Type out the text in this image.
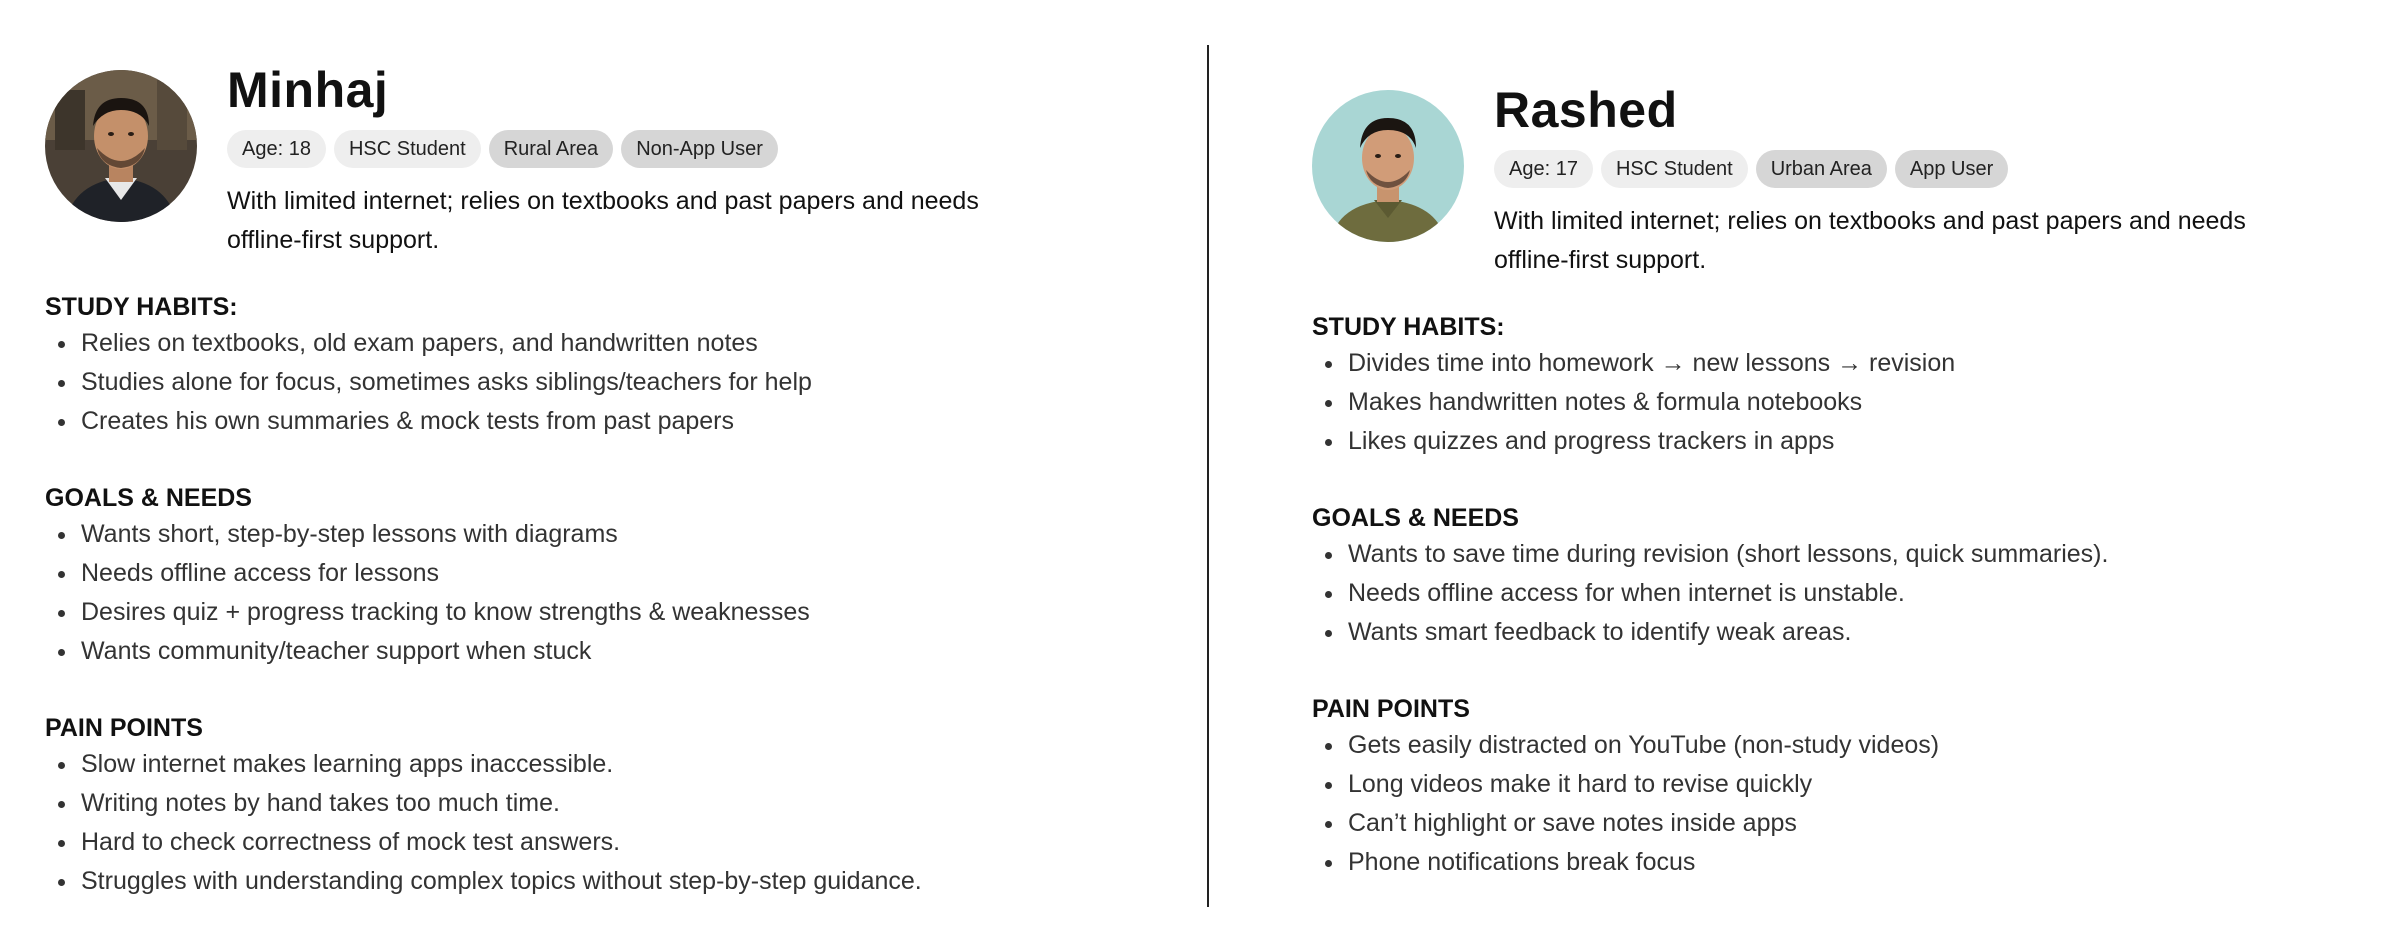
Minhaj
Age: 18	HSC Student	Rural Area	Non-App User
With limited internet; relies on textbooks and past papers and needs offline-first support.
STUDY HABITS:
Relies on textbooks, old exam papers, and handwritten notes
Studies alone for focus, sometimes asks siblings/teachers for help
Creates his own summaries & mock tests from past papers
GOALS & NEEDS
Wants short, step-by-step lessons with diagrams
Needs offline access for lessons
Desires quiz + progress tracking to know strengths & weaknesses
Wants community/teacher support when stuck
PAIN POINTS
Slow internet makes learning apps inaccessible.
Writing notes by hand takes too much time.
Hard to check correctness of mock test answers.
Struggles with understanding complex topics without step-by-step guidance.
Rashed
Age: 17	HSC Student	Urban Area	App User
With limited internet; relies on textbooks and past papers and needs offline-first support.
STUDY HABITS:
Divides time into homework → new lessons → revision
Makes handwritten notes & formula notebooks
Likes quizzes and progress trackers in apps
GOALS & NEEDS
Wants to save time during revision (short lessons, quick summaries).
Needs offline access for when internet is unstable.
Wants smart feedback to identify weak areas.
PAIN POINTS
Gets easily distracted on YouTube (non-study videos)
Long videos make it hard to revise quickly
Can’t highlight or save notes inside apps
Phone notifications break focus
